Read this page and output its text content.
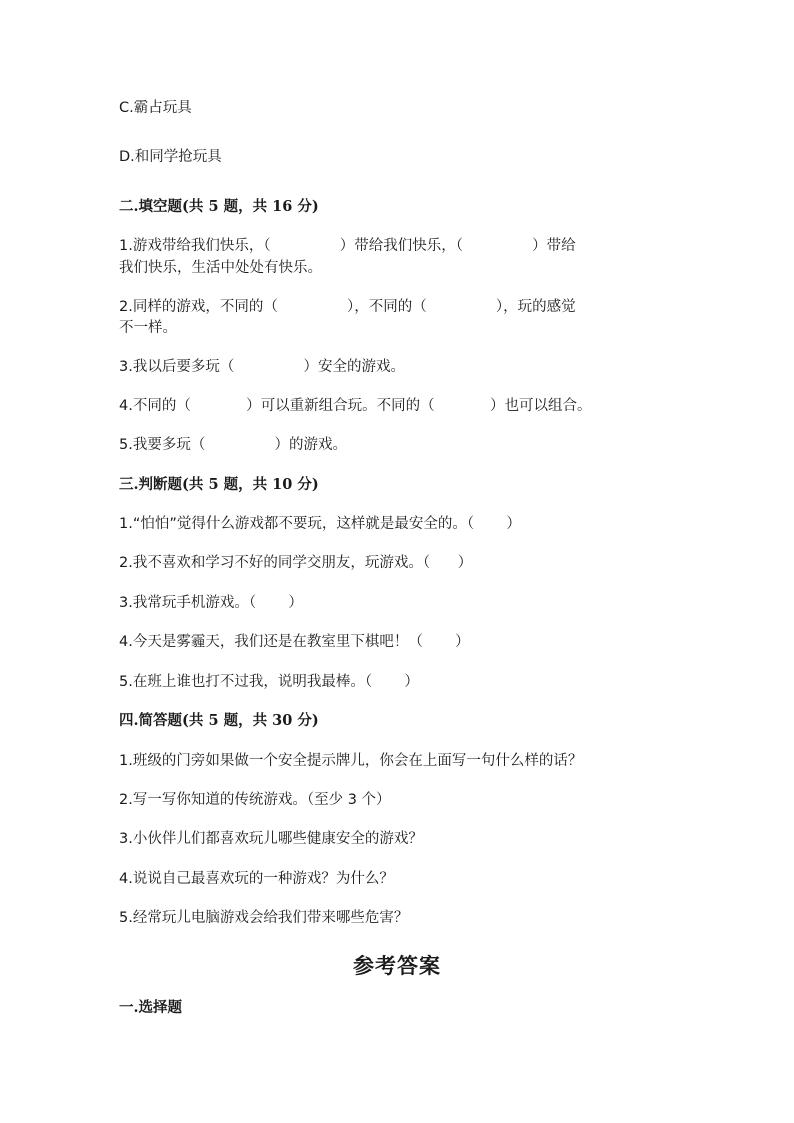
C.霸占玩具
D.和同学抢玩具
二.填空题(共 5 题，共 16 分)
1.游戏带给我们快乐，（               ）带给我们快乐，（               ）带给
我们快乐，生活中处处有快乐。
2.同样的游戏，不同的（               ），不同的（               ），玩的感觉
不一样。
3.我以后要多玩（               ）安全的游戏。
4.不同的（            ）可以重新组合玩。不同的（            ）也可以组合。
5.我要多玩（               ）的游戏。
三.判断题(共 5 题，共 10 分)
1.“怕怕”觉得什么游戏都不要玩，这样就是最安全的。（       ）
2.我不喜欢和学习不好的同学交朋友，玩游戏。（      ）
3.我常玩手机游戏。（       ）
4.今天是雾霾天，我们还是在教室里下棋吧！（       ）
5.在班上谁也打不过我，说明我最棒。（       ）
四.简答题(共 5 题，共 30 分)
1.班级的门旁如果做一个安全提示牌儿，你会在上面写一句什么样的话？
2.写一写你知道的传统游戏。（至少 3 个）
3.小伙伴儿们都喜欢玩儿哪些健康安全的游戏？
4.说说自己最喜欢玩的一种游戏？为什么？
5.经常玩儿电脑游戏会给我们带来哪些危害？
参考答案
一.选择题
